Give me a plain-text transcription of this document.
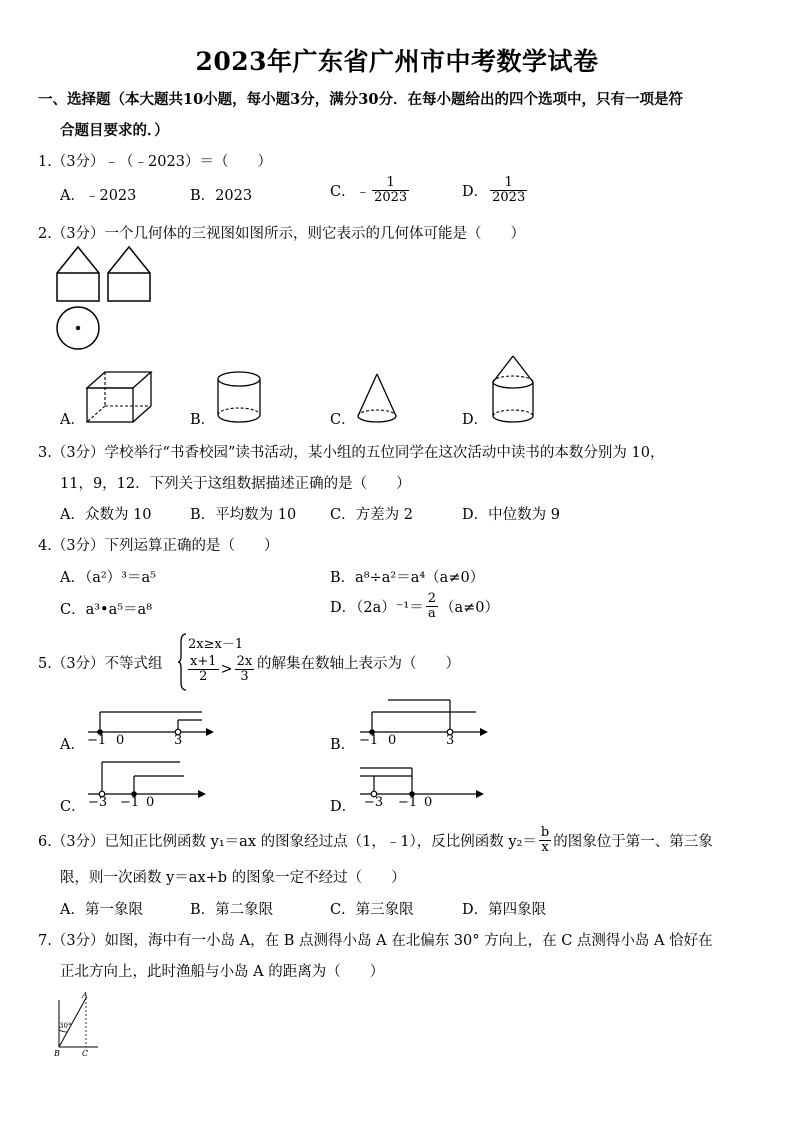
2023年广东省广州市中考数学试卷
一、选择题（本大题共10小题，每小题3分，满分30分．在每小题给出的四个选项中，只有一项是符
合题目要求的．）
1.（3分）﹣（﹣2023）＝（　　）
A．﹣2023	B．2023	C．﹣ $\frac{1}{2023}$	D． $\frac{1}{2023}$
2.（3分）一个几何体的三视图如图所示，则它表示的几何体可能是（　　）
A．	B．	C．	D．
3.（3分）学校举行“书香校园”读书活动，某小组的五位同学在这次活动中读书的本数分别为 10，
11，9，12．下列关于这组数据描述正确的是（　　）
A．众数为 10	B．平均数为 10 C．方差为 2	D．中位数为 9
4.（3分）下列运算正确的是（　　）
A．（a²）³＝a⁵	B．a⁸÷a²＝a⁴（a≠0）
C．a³•a⁵＝a⁸	D．$(2a)^{-1}= \frac{2}{a} (a\ne 0)$
5.（3分）不等式组
2x≥x－1
$\frac{x+1}{2} > \frac{2x}{3}$ 的解集在数轴上表示为（　　）
A． −1 0	3	B． −1 0	3
C． −3 −1 0	D． −3 −1 0
6.（3分）已知正比例函数 y₁＝ax 的图象经过点（1，﹣1），反比例函数 $y_2= \frac{b}{x}$ 的图象位于第一、第三象
限，则一次函数 y＝ax+b 的图象一定不经过（　　）
A．第一象限	B．第二象限	C．第三象限	D．第四象限
7.（3分）如图，海中有一小岛 A，在 B 点测得小岛 A 在北偏东 30° 方向上，在 C 点测得小岛 A 恰好在
正北方向上，此时渔船与小岛 A 的距离为（　　）
A
B	C
30°
